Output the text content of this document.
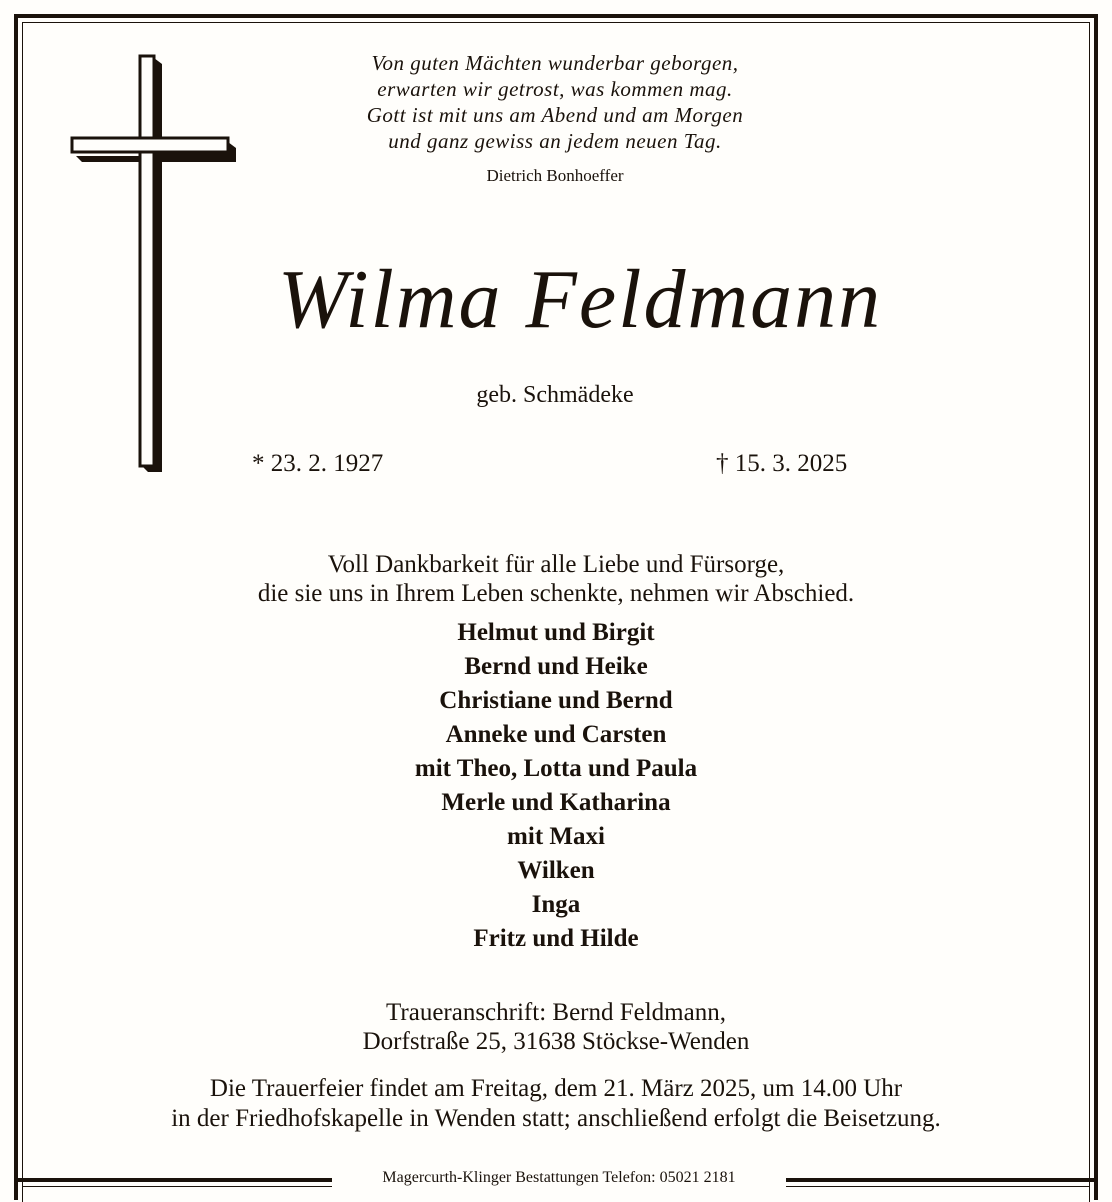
Von guten Mächten wunderbar geborgen,
erwarten wir getrost, was kommen mag.
Gott ist mit uns am Abend und am Morgen
und ganz gewiss an jedem neuen Tag.
Dietrich Bonhoeffer
Wilma Feldmann
geb. Schmädeke
* 23. 2. 1927	† 15. 3. 2025
Voll Dankbarkeit für alle Liebe und Fürsorge,
die sie uns in Ihrem Leben schenkte, nehmen wir Abschied.
Helmut und Birgit
Bernd und Heike
Christiane und Bernd
Anneke und Carsten
mit Theo, Lotta und Paula
Merle und Katharina
mit Maxi
Wilken
Inga
Fritz und Hilde
Traueranschrift: Bernd Feldmann,
Dorfstraße 25, 31638 Stöckse-Wenden
Die Trauerfeier findet am Freitag, dem 21. März 2025, um 14.00 Uhr
in der Friedhofskapelle in Wenden statt; anschließend erfolgt die Beisetzung.
Magercurth-Klinger Bestattungen Telefon: 05021 2181
